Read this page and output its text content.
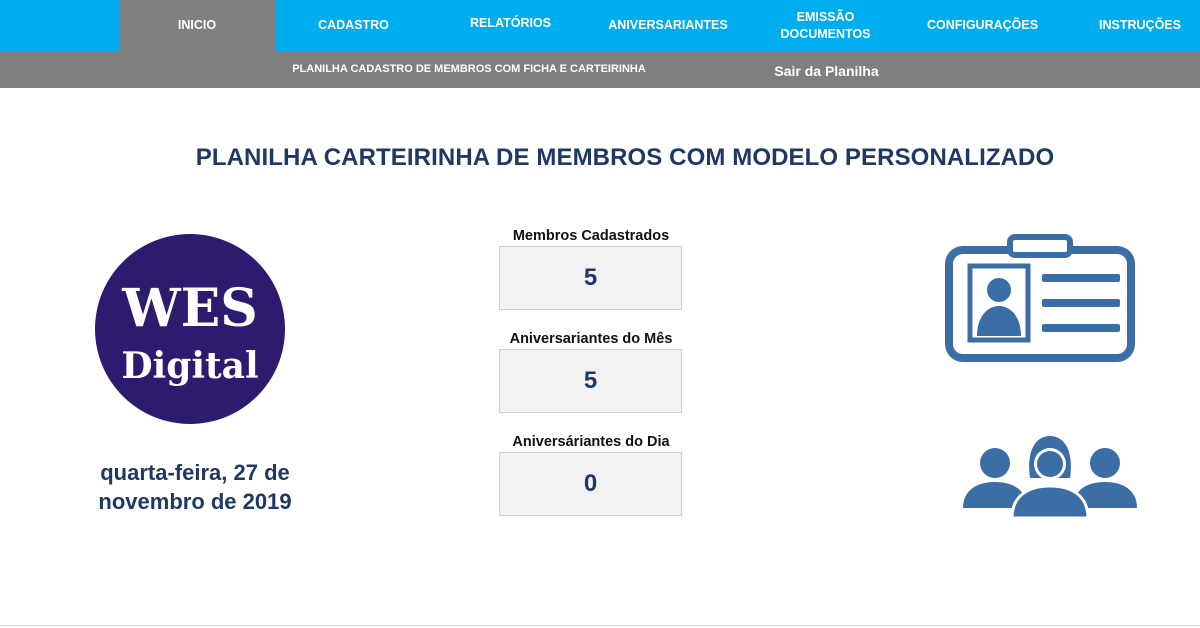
INICIO	CADASTRO	RELATÓRIOS	ANIVERSARIANTES
EMISSÃO
DOCUMENTOS
CONFIGURAÇÕES	INSTRUÇÕES
PLANILHA CADASTRO DE MEMBROS COM FICHA E CARTEIRINHA	Sair da Planilha
PLANILHA CARTEIRINHA DE MEMBROS COM MODELO PERSONALIZADO
WES
Digital
quarta-feira, 27 de novembro de 2019
Membros Cadastrados
5
Aniversariantes do Mês
5
Aniversáriantes do Dia
0
